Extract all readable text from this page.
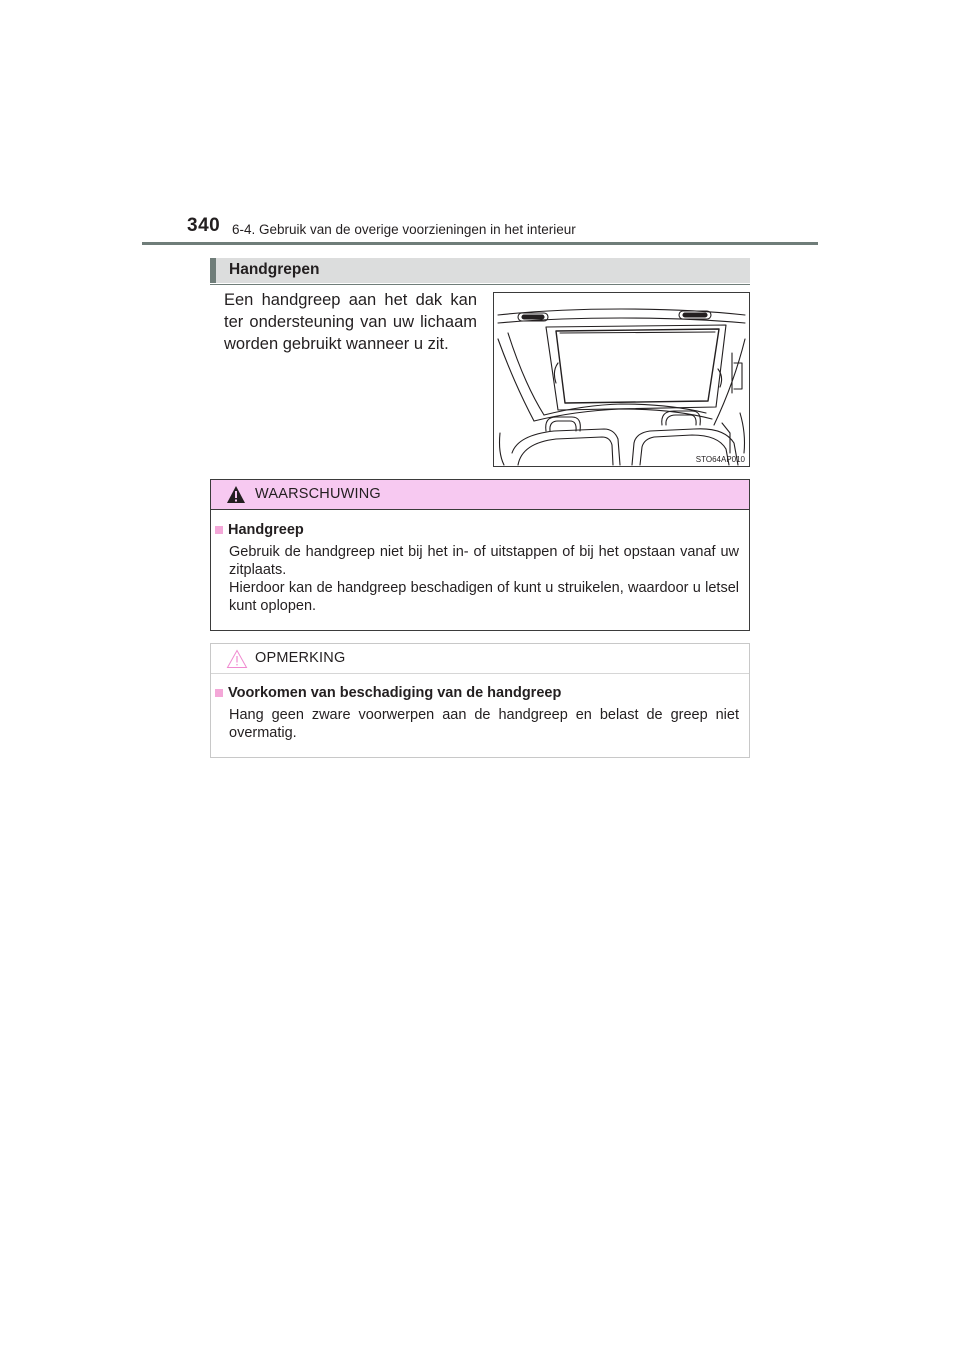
340 6-4. Gebruik van de overige voorzieningen in het interieur
Handgrepen
Een handgreep aan het dak kan ter ondersteuning van uw lichaam worden gebruikt wanneer u zit.
STO64AP010
WAARSCHUWING
Handgreep
Gebruik de handgreep niet bij het in- of uitstappen of bij het opstaan vanaf uw zitplaats.
Hierdoor kan de handgreep beschadigen of kunt u struikelen, waardoor u letsel kunt oplopen.
OPMERKING
Voorkomen van beschadiging van de handgreep
Hang geen zware voorwerpen aan de handgreep en belast de greep niet overmatig.
